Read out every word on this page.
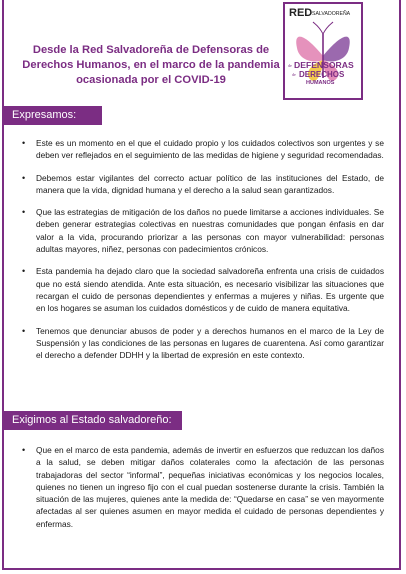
Desde la Red Salvadoreña de Defensoras de Derechos Humanos, en el marco de la pandemia ocasionada por el COVID-19
RED SALVADOREÑA
de DEFENSORAS
de DERECHOS
HUMANOS
Expresamos:
• Este es un momento en el que el cuidado propio y los cuidados colectivos son urgentes y se deben ver reflejados en el seguimiento de las medidas de higiene y seguridad recomendadas.
• Debemos estar vigilantes del correcto actuar político de las instituciones del Estado, de manera que la vida, dignidad humana y el derecho a la salud sean garantizados.
• Que las estrategias de mitigación de los daños no puede limitarse a acciones individuales. Se deben generar estrategias colectivas en nuestras comunidades que pongan énfasis en dar valor a la vida, procurando priorizar a las personas con mayor vulnerabilidad: personas adultas mayores, niñez, personas con padecimientos crónicos.
• Esta pandemia ha dejado claro que la sociedad salvadoreña enfrenta una crisis de cuidados que no está siendo atendida. Ante esta situación, es necesario visibilizar las situaciones que recargan el cuido de personas dependientes y enfermas a mujeres y niñas. Es urgente que en los hogares se asuman los cuidados domésticos y de cuido de manera equitativa.
• Tenemos que denunciar abusos de poder y a derechos humanos en el marco de la Ley de Suspensión y las condiciones de las personas en lugares de cuarentena. Así como garantizar el derecho a defender DDHH y la libertad de expresión en este contexto.
Exigimos al Estado salvadoreño:
• Que en el marco de esta pandemia, además de invertir en esfuerzos que reduzcan los daños a la salud, se deben mitigar daños colaterales como la afectación de las personas trabajadoras del sector “informal”, pequeñas iniciativas económicas y los negocios locales, quienes no tienen un ingreso fijo con el cual puedan sostenerse durante la crisis. También la situación de las mujeres, quienes ante la medida de: “Quedarse en casa” se ven mayormente afectadas al ser quienes asumen en mayor medida el cuidado de personas dependientes y enfermas.
